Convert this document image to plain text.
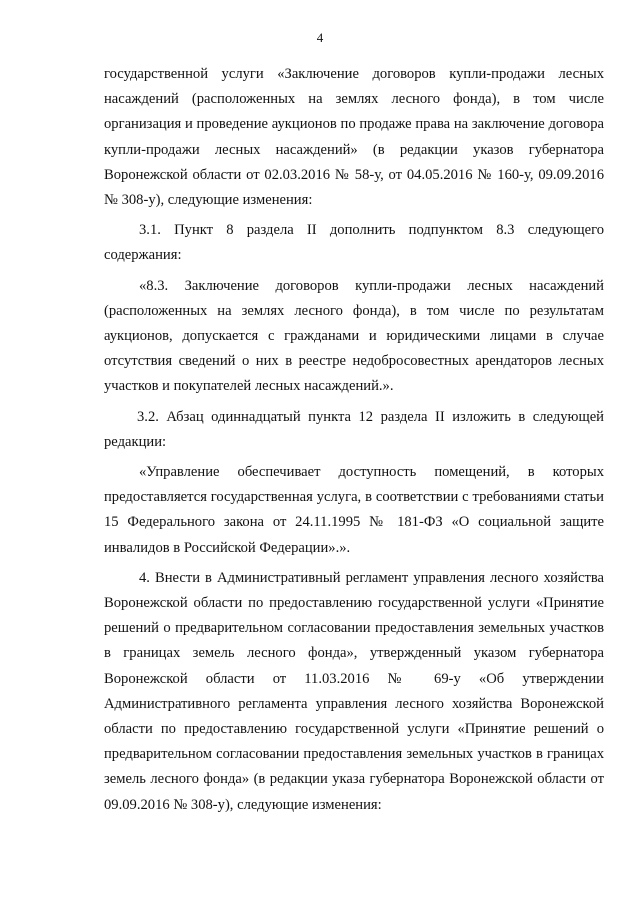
4

государственной услуги «Заключение договоров купли-продажи лесных насаждений (расположенных на землях лесного фонда), в том числе организация и проведение аукционов по продаже права на заключение договора купли-продажи лесных насаждений» (в редакции указов губернатора Воронежской области от 02.03.2016 № 58-у, от 04.05.2016 № 160-у, 09.09.2016 № 308-у), следующие изменения:

3.1. Пункт 8 раздела II дополнить подпунктом 8.3 следующего содержания:

«8.3. Заключение договоров купли-продажи лесных насаждений (расположенных на землях лесного фонда), в том числе по результатам аукционов, допускается с гражданами и юридическими лицами в случае отсутствия сведений о них в реестре недобросовестных арендаторов лесных участков и покупателей лесных насаждений.».

3.2. Абзац одиннадцатый пункта 12 раздела II изложить в следующей редакции:

«Управление обеспечивает доступность помещений, в которых предоставляется государственная услуга, в соответствии с требованиями статьи 15 Федерального закона от 24.11.1995 № 181-ФЗ «О социальной защите инвалидов в Российской Федерации».».

4. Внести в Административный регламент управления лесного хозяйства Воронежской области по предоставлению государственной услуги «Принятие решений о предварительном согласовании предоставления земельных участков в границах земель лесного фонда», утвержденный указом губернатора Воронежской области от 11.03.2016 № 69-у «Об утверждении Административного регламента управления лесного хозяйства Воронежской области по предоставлению государственной услуги «Принятие решений о предварительном согласовании предоставления земельных участков в границах земель лесного фонда» (в редакции указа губернатора Воронежской области от 09.09.2016 № 308-у), следующие изменения:
